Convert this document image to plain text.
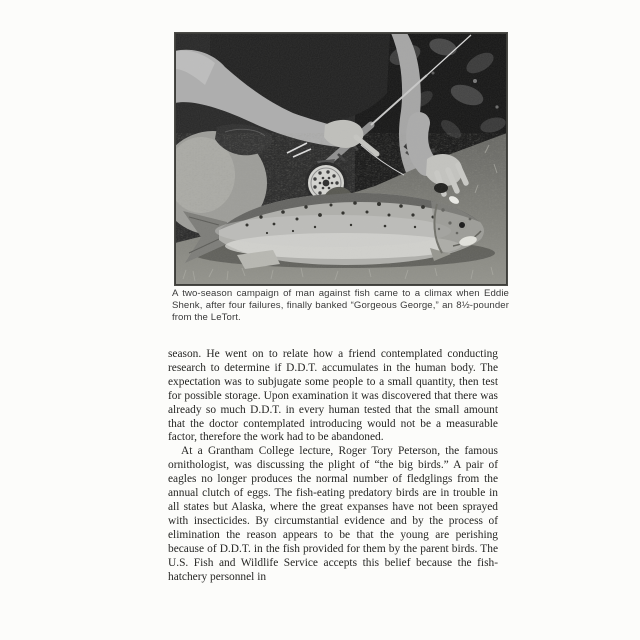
A two-season campaign of man against fish came to a climax when Eddie Shenk, after four failures, finally banked “Gorgeous George,” an 8½-pounder from the LeTort.

season. He went on to relate how a friend contemplated conducting research to determine if D.D.T. accumulates in the human body. The expectation was to subjugate some people to a small quantity, then test for possible storage. Upon examination it was discovered that there was already so much D.D.T. in every human tested that the small amount that the doctor contemplated introducing would not be a measurable factor, therefore the work had to be abandoned.

At a Grantham College lecture, Roger Tory Peterson, the famous ornithologist, was discussing the plight of “the big birds.” A pair of eagles no longer produces the normal number of fledglings from the annual clutch of eggs. The fish-eating predatory birds are in trouble in all states but Alaska, where the great expanses have not been sprayed with insecticides. By circumstantial evidence and by the process of elimination the reason appears to be that the young are perishing because of D.D.T. in the fish provided for them by the parent birds. The U.S. Fish and Wildlife Service accepts this belief because the fish-hatchery personnel in
